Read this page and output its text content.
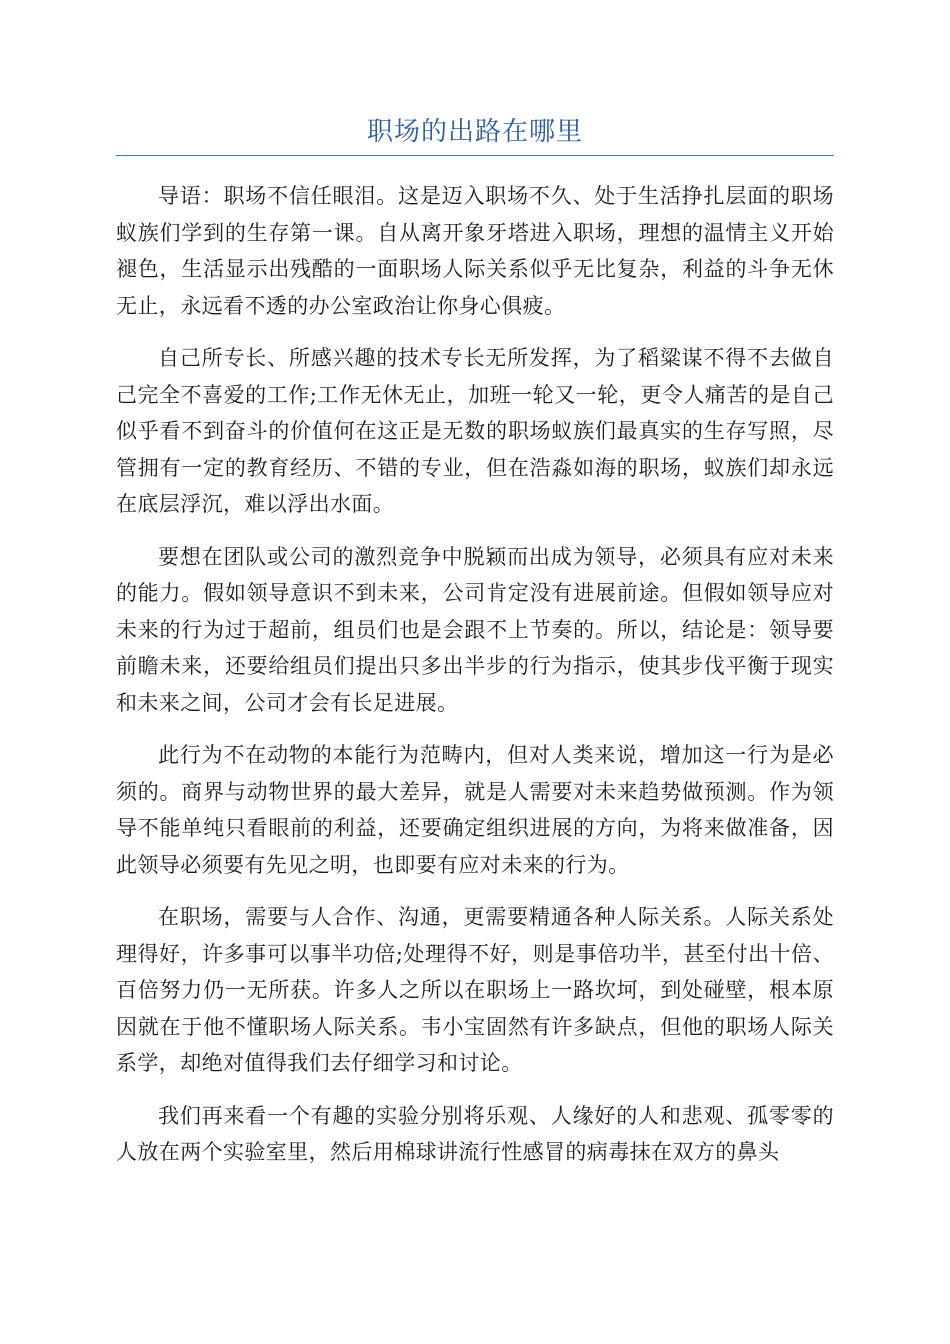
职场的出路在哪里

导语：职场不信任眼泪。这是迈入职场不久、处于生活挣扎层面的职场蚁族们学到的生存第一课。自从离开象牙塔进入职场，理想的温情主义开始褪色，生活显示出残酷的一面职场人际关系似乎无比复杂，利益的斗争无休无止，永远看不透的办公室政治让你身心俱疲。

自己所专长、所感兴趣的技术专长无所发挥，为了稻粱谋不得不去做自己完全不喜爱的工作;工作无休无止，加班一轮又一轮，更令人痛苦的是自己似乎看不到奋斗的价值何在这正是无数的职场蚁族们最真实的生存写照，尽管拥有一定的教育经历、不错的专业，但在浩淼如海的职场，蚁族们却永远在底层浮沉，难以浮出水面。

要想在团队或公司的激烈竞争中脱颖而出成为领导，必须具有应对未来的能力。假如领导意识不到未来，公司肯定没有进展前途。但假如领导应对未来的行为过于超前，组员们也是会跟不上节奏的。所以，结论是：领导要前瞻未来，还要给组员们提出只多出半步的行为指示，使其步伐平衡于现实和未来之间，公司才会有长足进展。

此行为不在动物的本能行为范畴内，但对人类来说，增加这一行为是必须的。商界与动物世界的最大差异，就是人需要对未来趋势做预测。作为领导不能单纯只看眼前的利益，还要确定组织进展的方向，为将来做准备，因此领导必须要有先见之明，也即要有应对未来的行为。

在职场，需要与人合作、沟通，更需要精通各种人际关系。人际关系处理得好，许多事可以事半功倍;处理得不好，则是事倍功半，甚至付出十倍、百倍努力仍一无所获。许多人之所以在职场上一路坎坷，到处碰壁，根本原因就在于他不懂职场人际关系。韦小宝固然有许多缺点，但他的职场人际关系学，却绝对值得我们去仔细学习和讨论。

我们再来看一个有趣的实验分别将乐观、人缘好的人和悲观、孤零零的人放在两个实验室里，然后用棉球讲流行性感冒的病毒抹在双方的鼻头
